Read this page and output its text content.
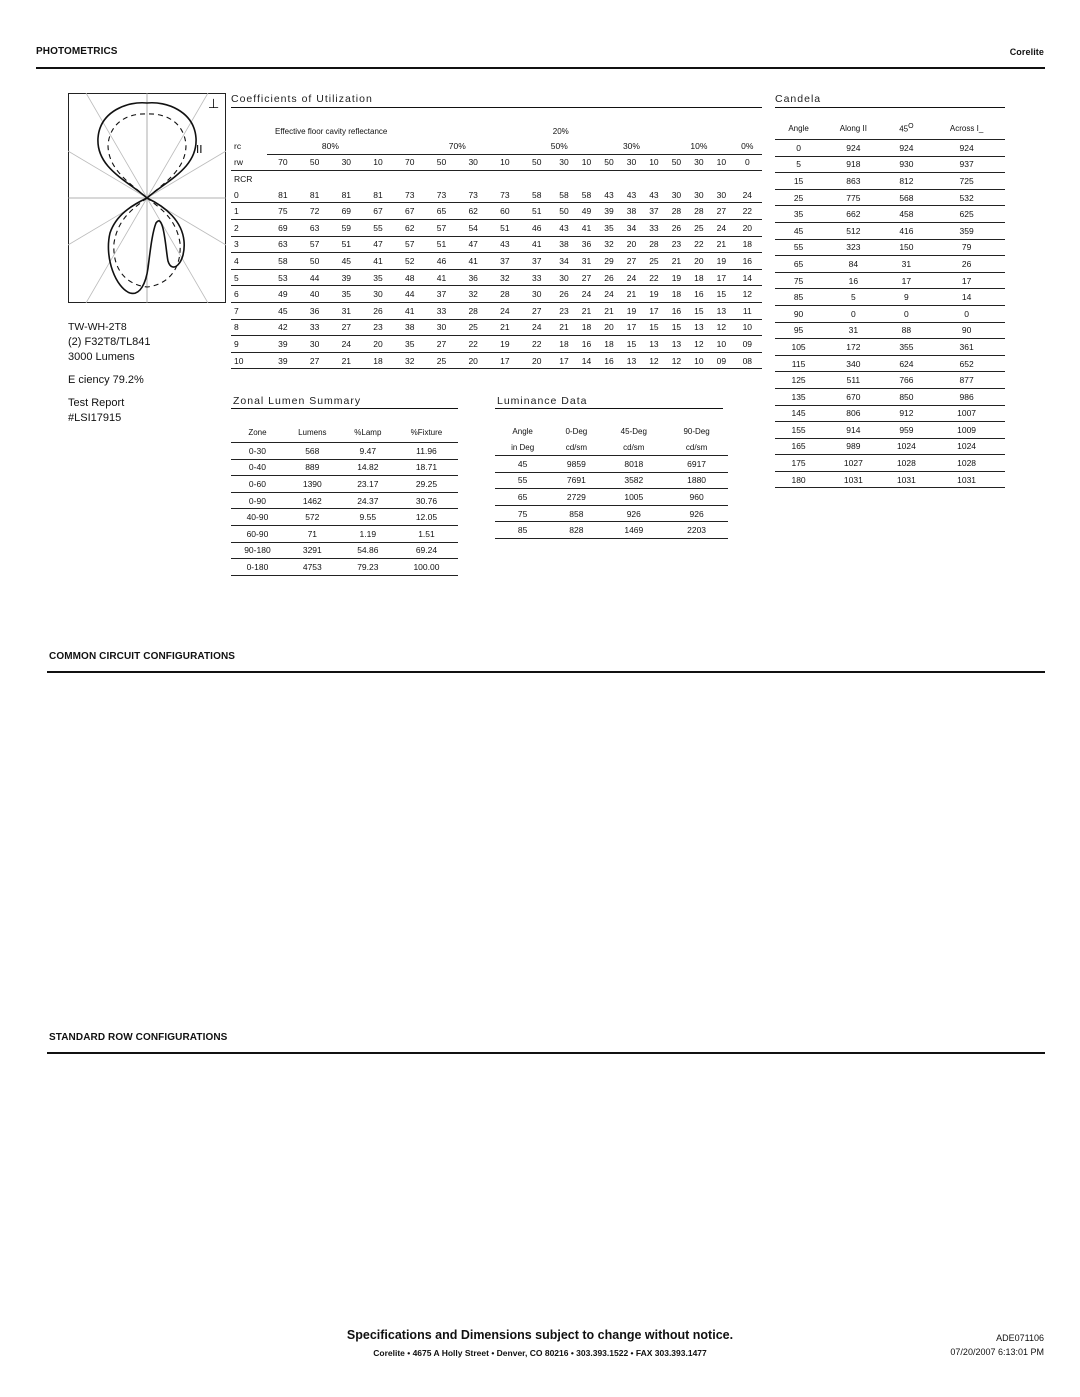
PHOTOMETRICS	Corelite
⊥
II
TW-WH-2T8
(2) F32T8/TL841
3000 Lumens
E ciency 79.2%
Test Report
#LSI17915
Coefficients of Utilization
	Effective floor cavity reflectance									20%								
rc	80%				70%				50%			30%			10%			0%
rw	70	50	30	10	70	50	30	10	50	30	10	50	30	10	50	30	10	0
RCR																		
0	81	81	81	81	73	73	73	73	58	58	58	43	43	43	30	30	30	24
1	75	72	69	67	67	65	62	60	51	50	49	39	38	37	28	28	27	22
2	69	63	59	55	62	57	54	51	46	43	41	35	34	33	26	25	24	20
3	63	57	51	47	57	51	47	43	41	38	36	32	20	28	23	22	21	18
4	58	50	45	41	52	46	41	37	37	34	31	29	27	25	21	20	19	16
5	53	44	39	35	48	41	36	32	33	30	27	26	24	22	19	18	17	14
6	49	40	35	30	44	37	32	28	30	26	24	24	21	19	18	16	15	12
7	45	36	31	26	41	33	28	24	27	23	21	21	19	17	16	15	13	11
8	42	33	27	23	38	30	25	21	24	21	18	20	17	15	15	13	12	10
9	39	30	24	20	35	27	22	19	22	18	16	18	15	13	13	12	10	09
10	39	27	21	18	32	25	20	17	20	17	14	16	13	12	12	10	09	08
Candela
Angle	Along II	$45^O$	Across I_
0	924	924	924
5	918	930	937
15	863	812	725
25	775	568	532
35	662	458	625
45	512	416	359
55	323	150	79
65	84	31	26
75	16	17	17
85	5	9	14
90	0	0	0
95	31	88	90
105	172	355	361
115	340	624	652
125	511	766	877
135	670	850	986
145	806	912	1007
155	914	959	1009
165	989	1024	1024
175	1027	1028	1028
180	1031	1031	1031
Zonal Lumen Summary
Zone	Lumens	%Lamp	%Fixture
0-30	568	9.47	11.96
0-40	889	14.82	18.71
0-60	1390	23.17	29.25
0-90	1462	24.37	30.76
40-90	572	9.55	12.05
60-90	71	1.19	1.51
90-180	3291	54.86	69.24
0-180	4753	79.23	100.00
Luminance Data
Angle	0-Deg	45-Deg	90-Deg
in Deg	cd/sm	cd/sm	cd/sm
45	9859	8018	6917
55	7691	3582	1880
65	2729	1005	960
75	858	926	926
85	828	1469	2203
COMMON CIRCUIT CONFIGURATIONS
STANDARD ROW CONFIGURATIONS
Specifications and Dimensions subject to change without notice.
Corelite • 4675 A Holly Street • Denver, CO 80216 • 303.393.1522 • FAX 303.393.1477
ADE071106
07/20/2007 6:13:01 PM
